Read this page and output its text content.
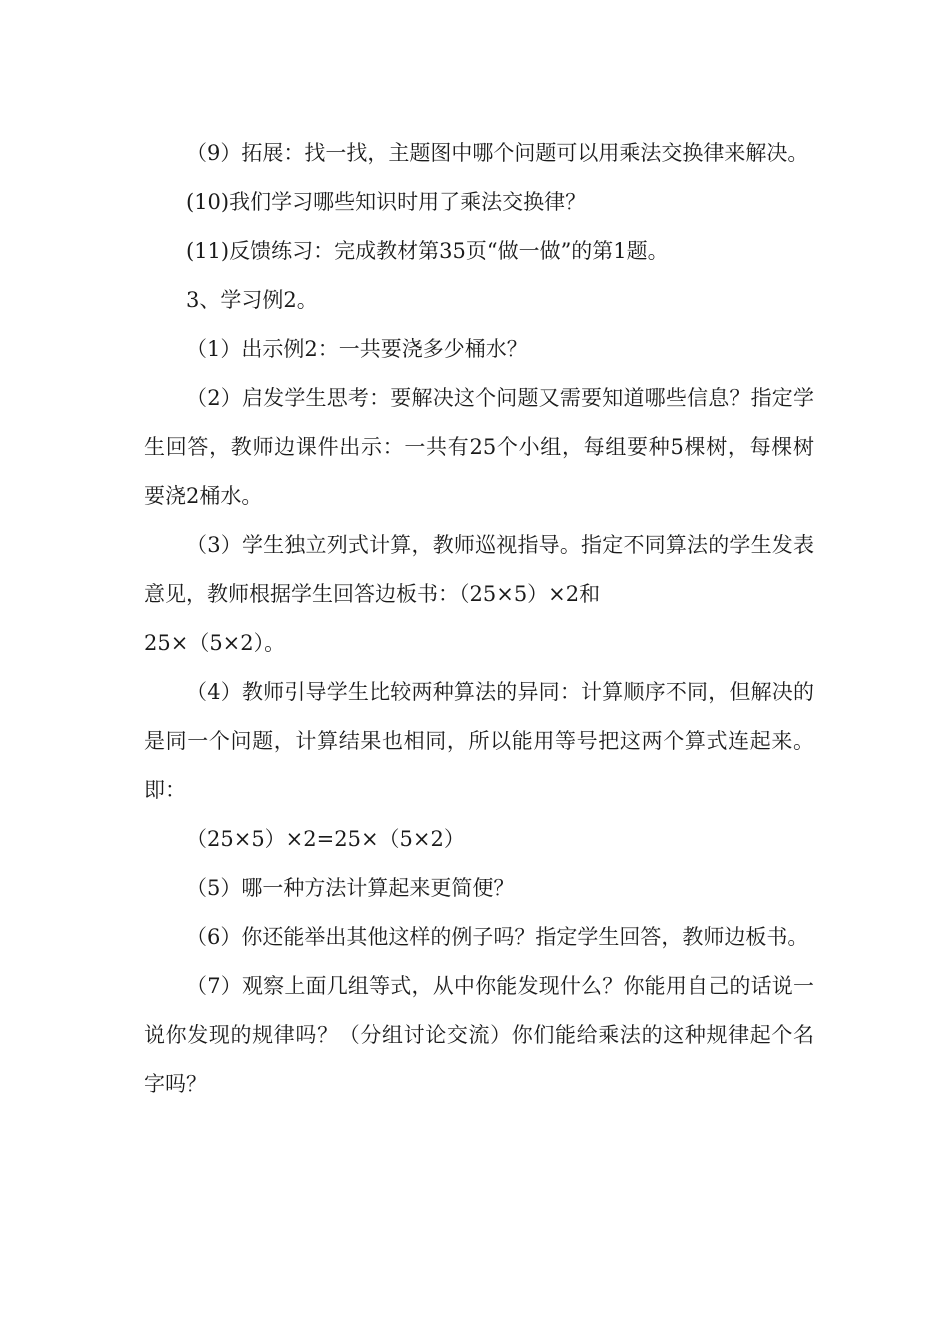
（9）拓展：找一找，主题图中哪个问题可以用乘法交换律来解决。

(10)我们学习哪些知识时用了乘法交换律？

(11)反馈练习：完成教材第35页“做一做”的第1题。

3、学习例2。

（1）出示例2：一共要浇多少桶水？

（2）启发学生思考：要解决这个问题又需要知道哪些信息？指定学生回答，教师边课件出示：一共有25个小组，每组要种5棵树，每棵树要浇2桶水。

（3）学生独立列式计算，教师巡视指导。指定不同算法的学生发表意见，教师根据学生回答边板书：（25×5）×2和

25×（5×2）。

（4）教师引导学生比较两种算法的异同：计算顺序不同，但解决的是同一个问题，计算结果也相同，所以能用等号把这两个算式连起来。即：

（25×5）×2=25×（5×2）

（5）哪一种方法计算起来更简便？

（6）你还能举出其他这样的例子吗？指定学生回答，教师边板书。

（7）观察上面几组等式，从中你能发现什么？你能用自己的话说一说你发现的规律吗？（分组讨论交流）你们能给乘法的这种规律起个名字吗？
